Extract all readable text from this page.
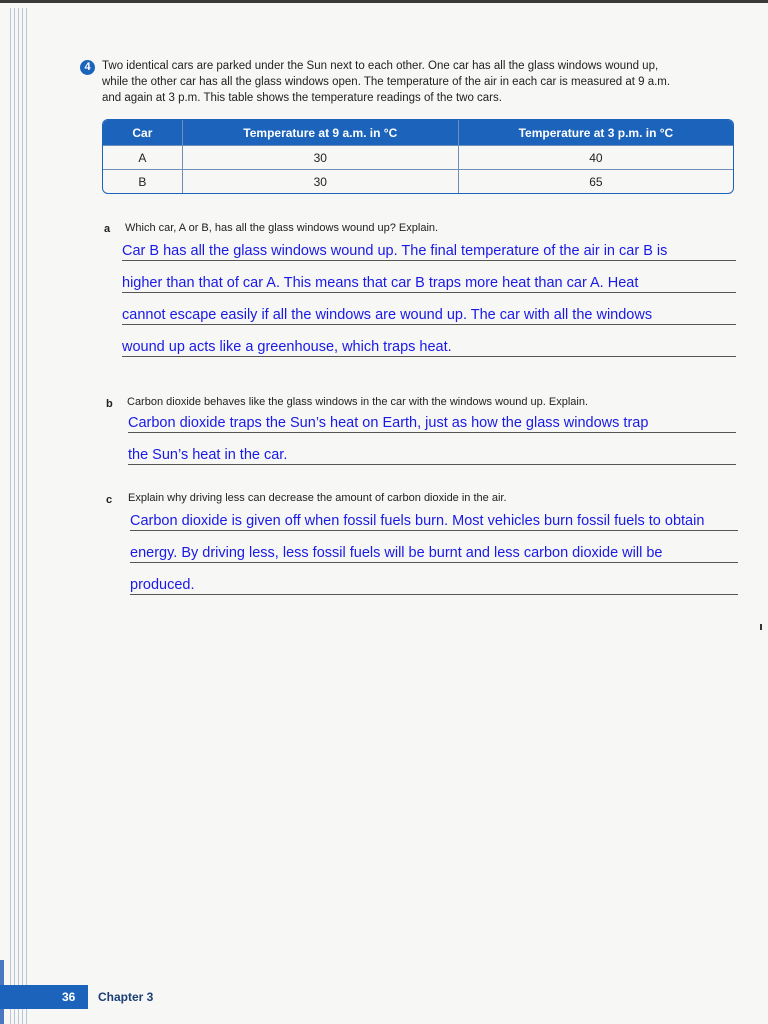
4 Two identical cars are parked under the Sun next to each other. One car has all the glass windows wound up,
while the other car has all the glass windows open. The temperature of the air in each car is measured at 9 a.m.
and again at 3 p.m. This table shows the temperature readings of the two cars.
Car	Temperature at 9 a.m. in °C	Temperature at 3 p.m. in °C
A	30	40
B	30	65
a Which car, A or B, has all the glass windows wound up? Explain.
Car B has all the glass windows wound up. The final temperature of the air in car B is
higher than that of car A. This means that car B traps more heat than car A. Heat
cannot escape easily if all the windows are wound up. The car with all the windows
wound up acts like a greenhouse, which traps heat.
b Carbon dioxide behaves like the glass windows in the car with the windows wound up. Explain.
Carbon dioxide traps the Sun’s heat on Earth, just as how the glass windows trap
the Sun’s heat in the car.
c Explain why driving less can decrease the amount of carbon dioxide in the air.
Carbon dioxide is given off when fossil fuels burn. Most vehicles burn fossil fuels to obtain
energy. By driving less, less fossil fuels will be burnt and less carbon dioxide will be
produced.
36 Chapter 3
